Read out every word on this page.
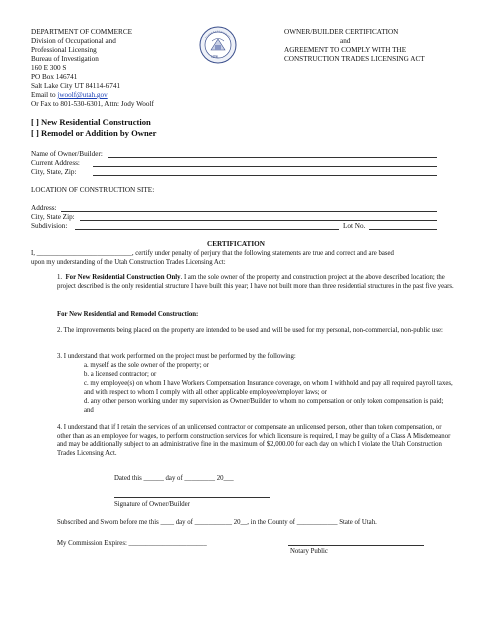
DEPARTMENT OF COMMERCE
Division of Occupational and
Professional Licensing
Bureau of Investigation
160 E 300 S
PO Box 146741
Salt Lake City UT 84114-6741
Email to jwoolf@utah.gov
Or Fax to 801-530-6301, Attn: Jody Woolf
1896
OWNER/BUILDER CERTIFICATION
and
AGREEMENT TO COMPLY WITH THE
CONSTRUCTION TRADES LICENSING ACT
[ ] New Residential Construction
[ ] Remodel or Addition by Owner
Name of Owner/Builder:
Current Address:
City, State, Zip:
LOCATION OF CONSTRUCTION SITE:
Address:
City, State Zip:
Subdivision:	Lot No.
CERTIFICATION
I, ____________________________, certify under penalty of perjury that the following statements are true and correct and are based
upon my understanding of the Utah Construction Trades Licensing Act:
1. For New Residential Construction Only. I am the sole owner of the property and construction project at the above described location; the project described is the only residential structure I have built this year; I have not built more than three residential structures in the past five years.
For New Residential and Remodel Construction:
2. The improvements being placed on the property are intended to be used and will be used for my personal, non-commercial, non-public use:
3. I understand that work performed on the project must be performed by the following:
a. myself as the sole owner of the property; or
b. a licensed contractor; or
c. my employee(s) on whom I have Workers Compensation Insurance coverage, on whom I withhold and pay all required payroll taxes, and with respect to whom I comply with all other applicable employee/employer laws; or
d. any other person working under my supervision as Owner/Builder to whom no compensation or only token compensation is paid; and
4. I understand that if I retain the services of an unlicensed contractor or compensate an unlicensed person, other than token compensation, or other than as an employee for wages, to perform construction services for which licensure is required, I may be guilty of a Class A Misdemeanor and may be additionally subject to an administrative fine in the maximum of $2,000.00 for each day on which I violate the Utah Construction Trades Licensing Act.
Dated this ______ day of _________ 20___
Signature of Owner/Builder
Subscribed and Sworn before me this ____ day of ___________ 20__, in the County of ____________ State of Utah.
My Commission Expires: _______________________
Notary Public
